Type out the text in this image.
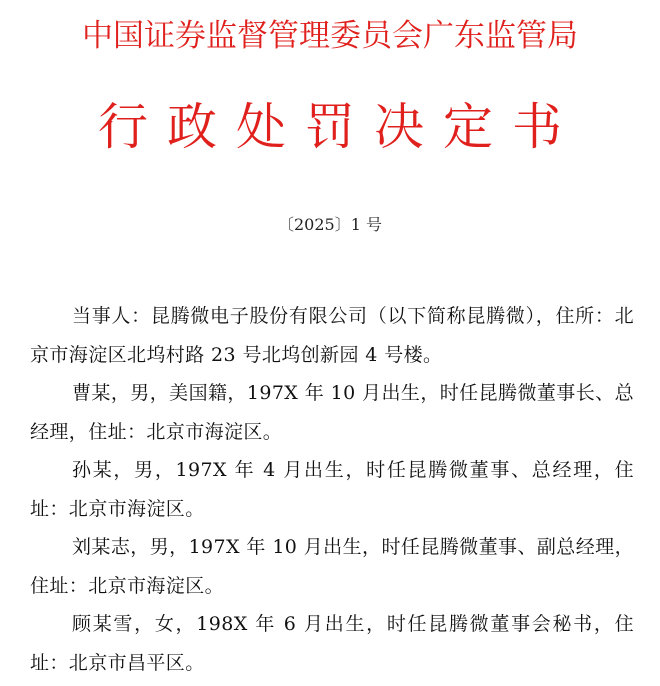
中国证券监督管理委员会广东监管局
行政处罚决定书
〔2025〕1 号

当事人：昆腾微电子股份有限公司（以下简称昆腾微），住所：北京市海淀区北坞村路 23 号北坞创新园 4 号楼。

曹某，男，美国籍，197X 年 10 月出生，时任昆腾微董事长、总经理，住址：北京市海淀区。

孙某，男，197X 年 4 月出生，时任昆腾微董事、总经理，住址：北京市海淀区。

刘某志，男，197X 年 10 月出生，时任昆腾微董事、副总经理，住址：北京市海淀区。

顾某雪，女，198X 年 6 月出生，时任昆腾微董事会秘书，住址：北京市昌平区。
